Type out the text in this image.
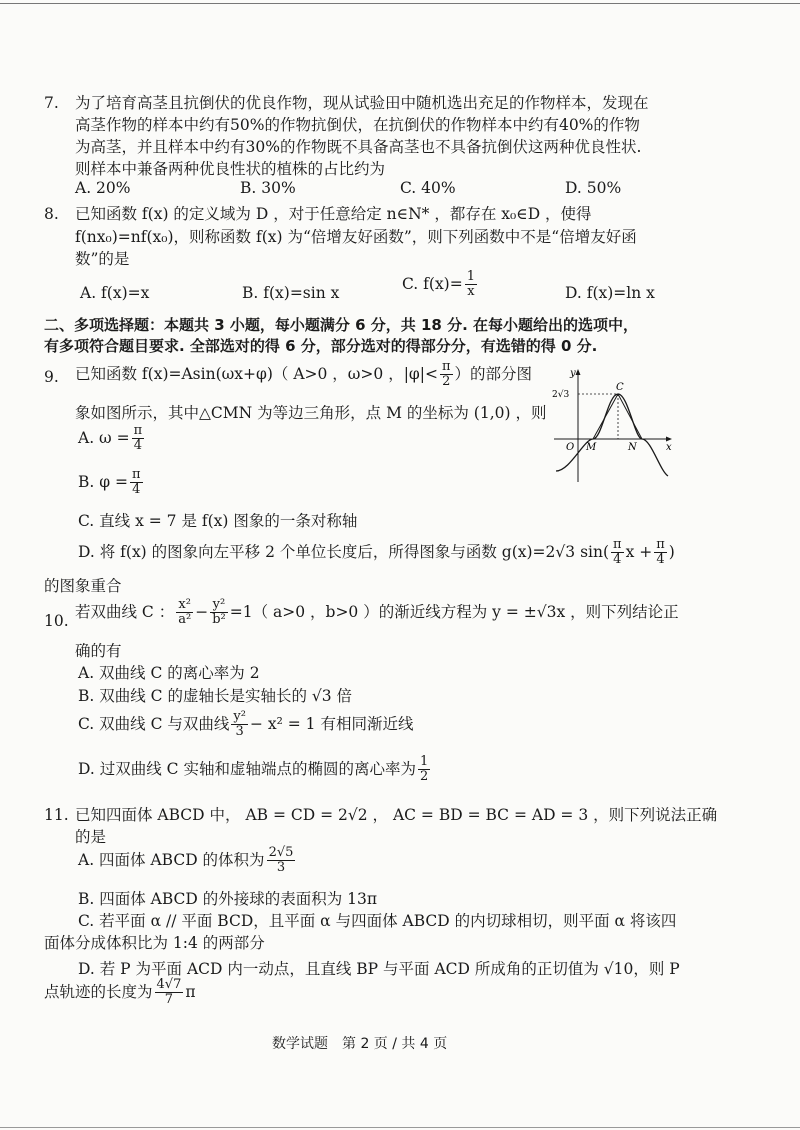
7. 为了培育高茎且抗倒伏的优良作物，现从试验田中随机选出充足的作物样本，发现在
高茎作物的样本中约有50%的作物抗倒伏，在抗倒伏的作物样本中约有40%的作物
为高茎，并且样本中约有30%的作物既不具备高茎也不具备抗倒伏这两种优良性状.
则样本中兼备两种优良性状的植株的占比约为
A. 20%	B. 30%	C. 40%	D. 50%
8. 已知函数 f(x) 的定义域为 D ，对于任意给定 n∈N* ，都存在 x₀∈D ，使得
f(nx₀)=nf(x₀)，则称函数 f(x) 为“倍增友好函数”，则下列函数中不是“倍增友好函
数”的是
A. f(x)=x	B. f(x)=sin x
C. $f(x)= \frac{1}{x}$	D. f(x)=ln x
二、多项选择题：本题共 3 小题，每小题满分 6 分，共 18 分. 在每小题给出的选项中，
有多项符合题目要求. 全部选对的得 6 分，部分选对的得部分分，有选错的得 0 分.
9. 已知函数 f(x)=Asin(ωx+φ)（ A>0 ，ω>0 ，$|\varphi|< \frac{\pi}{2}$ ）的部分图
象如图所示，其中△CMN 为等边三角形，点 M 的坐标为 (1,0) ，则
A. $\omega = \frac{\pi}{4}$
B. $\varphi = \frac{\pi}{4}$
C. 直线 x = 7 是 f(x) 图象的一条对称轴
D. 将 f(x) 的图象向左平移 2 个单位长度后，所得图象与函数 g(x)=2√3 $\sin( \frac{\pi}{4}$ $x + \frac{\pi}{4}$ )
的图象重合
y
x
2√3
C
O M	N
10.
若双曲线 C ： $\frac{\text{x²}}{\text{a²}} - \frac{\text{y²}}{\text{b²}} =1$（ a>0 ，b>0 ）的渐近线方程为 y = ±√3x ，则下列结论正
确的有
A. 双曲线 C 的离心率为 2
B. 双曲线 C 的虚轴长是实轴长的 √3 倍
C. 双曲线 C 与双曲线 $\frac{\text{y²}}{3} - x^2 = 1$ 有相同渐近线
D. 过双曲线 C 实轴和虚轴端点的椭圆的离心率为 $\frac{1}{2}$
11. 已知四面体 ABCD 中， AB = CD = 2√2 ， AC = BD = BC = AD = 3 ，则下列说法正确
的是
A. 四面体 ABCD 的体积为 $\frac{2√5}{3}$
B. 四面体 ABCD 的外接球的表面积为 13π
C. 若平面 α // 平面 BCD，且平面 α 与四面体 ABCD 的内切球相切，则平面 α 将该四
面体分成体积比为 1:4 的两部分
D. 若 P 为平面 ACD 内一动点，且直线 BP 与平面 ACD 所成角的正切值为 √10，则 P
点轨迹的长度为 $\frac{4√7}{7}$ π
数学试题　第 2 页 / 共 4 页
